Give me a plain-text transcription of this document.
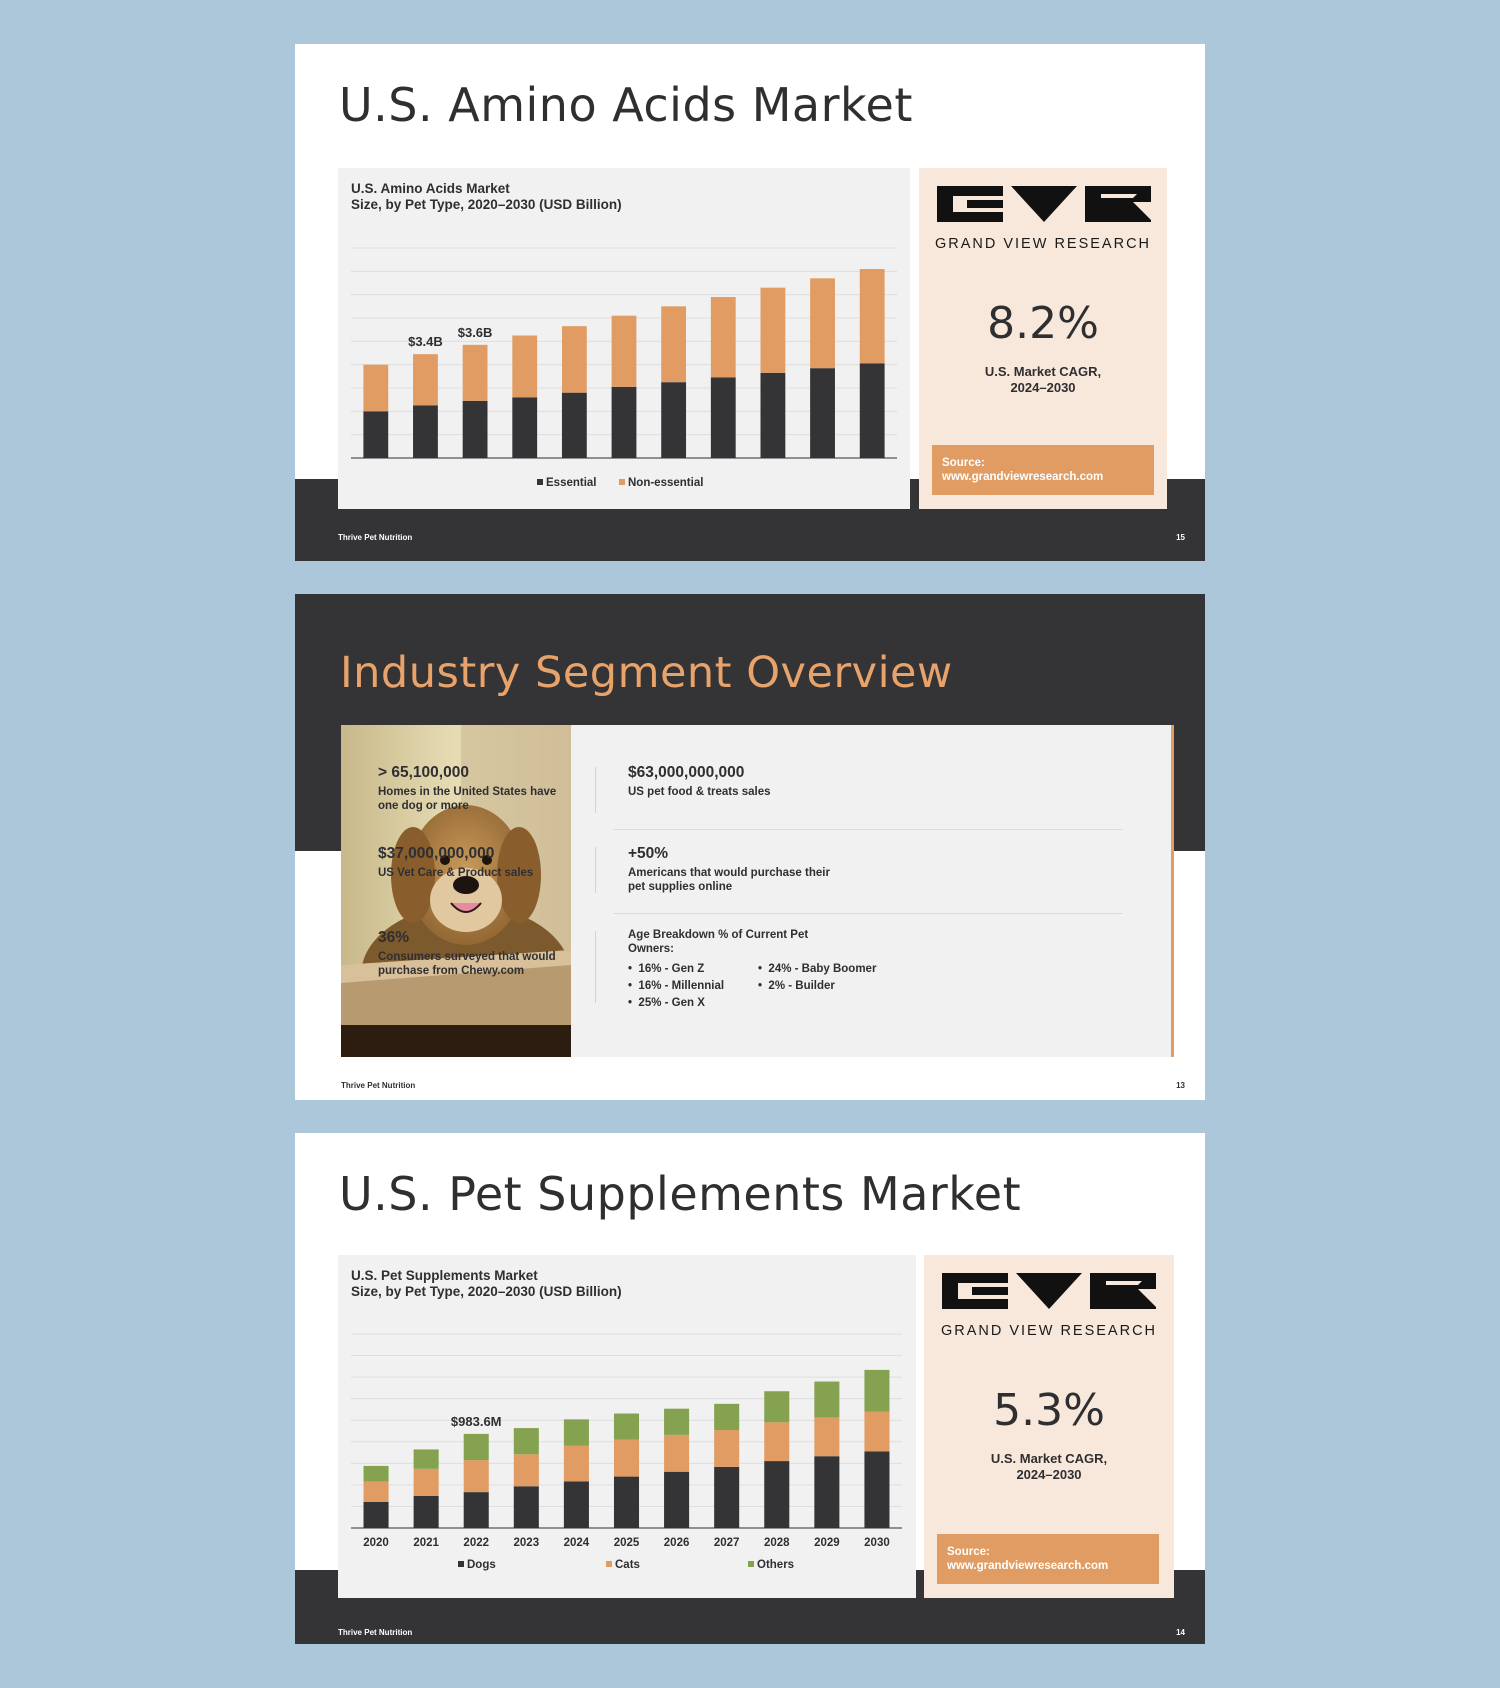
U.S. Amino Acids Market
$3.4B
$3.6B
Essential	Non-essential
U.S. Amino Acids Market
Size, by Pet Type, 2020–2030 (USD Billion)
GRAND VIEW RESEARCH
8.2%
U.S. Market CAGR,
2024–2030
Source:
www.grandviewresearch.com
Thrive Pet Nutrition	15
Industry Segment Overview
> 65,100,000
Homes in the United States have
one dog or more
$63,000,000,000
US pet food & treats sales
$37,000,000,000
US Vet Care & Product sales
+50%
Americans that would purchase their
pet supplies online
36%
Consumers surveyed that would
purchase from Chewy.com
Age Breakdown % of Current Pet
Owners:
•  16% - Gen Z
•  16% - Millennial
•  25% - Gen X
•  24% - Baby Boomer
•  2% - Builder
Thrive Pet Nutrition	13
U.S. Pet Supplements Market
2020 2021
$983.6M
2022 2023 2024 2025 2026 2027 2028 2029 2030
Dogs	Cats	Others
U.S. Pet Supplements Market
Size, by Pet Type, 2020–2030 (USD Billion)
GRAND VIEW RESEARCH
5.3%
U.S. Market CAGR,
2024–2030
Source:
www.grandviewresearch.com
Thrive Pet Nutrition	14
